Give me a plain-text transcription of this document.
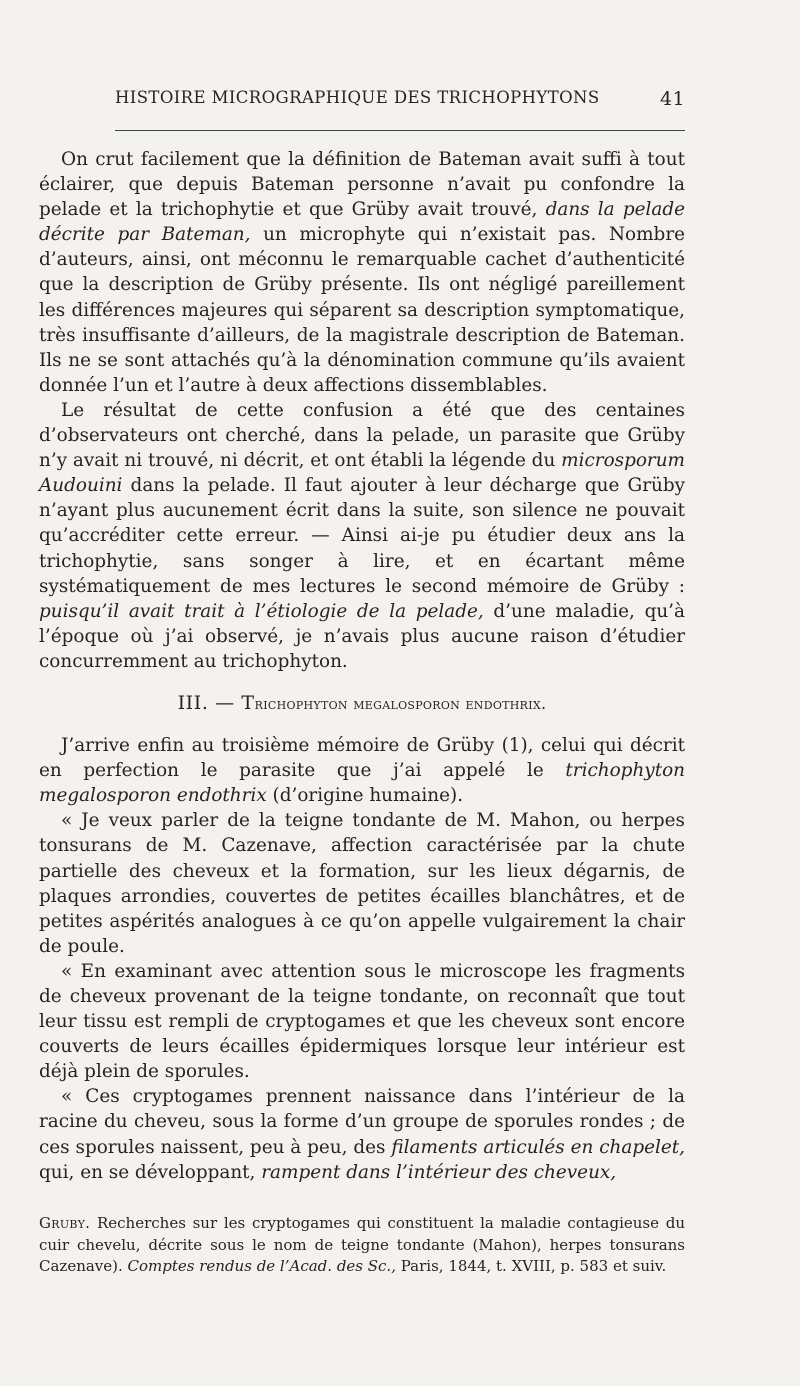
HISTOIRE MICROGRAPHIQUE DES TRICHOPHYTONS	41

On crut facilement que la définition de Bateman avait suffi à tout éclairer, que depuis Bateman personne n’avait pu confondre la pelade et la trichophytie et que Grüby avait trouvé, dans la pelade décrite par Bateman, un microphyte qui n’existait pas. Nombre d’auteurs, ainsi, ont méconnu le remarquable cachet d’authenticité que la description de Grüby présente. Ils ont négligé pareillement les différences majeures qui séparent sa description symptomatique, très insuffisante d’ailleurs, de la magistrale description de Bateman. Ils ne se sont attachés qu’à la dénomination commune qu’ils avaient donnée l’un et l’autre à deux affections dissemblables.

Le résultat de cette confusion a été que des centaines d’observateurs ont cherché, dans la pelade, un parasite que Grüby n’y avait ni trouvé, ni décrit, et ont établi la légende du microsporum Audouini dans la pelade. Il faut ajouter à leur décharge que Grüby n’ayant plus aucunement écrit dans la suite, son silence ne pouvait qu’accréditer cette erreur. — Ainsi ai-je pu étudier deux ans la trichophytie, sans songer à lire, et en écartant même systématiquement de mes lectures le second mémoire de Grüby : puisqu’il avait trait à l’étiologie de la pelade, d’une maladie, qu’à l’époque où j’ai observé, je n’avais plus aucune raison d’étudier concurremment au trichophyton.

III. — Trichophyton megalosporon endothrix.

J’arrive enfin au troisième mémoire de Grüby (1), celui qui décrit en perfection le parasite que j’ai appelé le trichophyton megalosporon endothrix (d’origine humaine).

« Je veux parler de la teigne tondante de M. Mahon, ou herpes tonsurans de M. Cazenave, affection caractérisée par la chute partielle des cheveux et la formation, sur les lieux dégarnis, de plaques arrondies, couvertes de petites écailles blanchâtres, et de petites aspérités analogues à ce qu’on appelle vulgairement la chair de poule.

« En examinant avec attention sous le microscope les fragments de cheveux provenant de la teigne tondante, on reconnaît que tout leur tissu est rempli de cryptogames et que les cheveux sont encore couverts de leurs écailles épidermiques lorsque leur intérieur est déjà plein de sporules.

« Ces cryptogames prennent naissance dans l’intérieur de la racine du cheveu, sous la forme d’un groupe de sporules rondes ; de ces sporules naissent, peu à peu, des filaments articulés en chapelet, qui, en se développant, rampent dans l’intérieur des cheveux,

Gruby. Recherches sur les cryptogames qui constituent la maladie contagieuse du cuir chevelu, décrite sous le nom de teigne tondante (Mahon), herpes tonsurans Cazenave). Comptes rendus de l’Acad. des Sc., Paris, 1844, t. XVIII, p. 583 et suiv.
